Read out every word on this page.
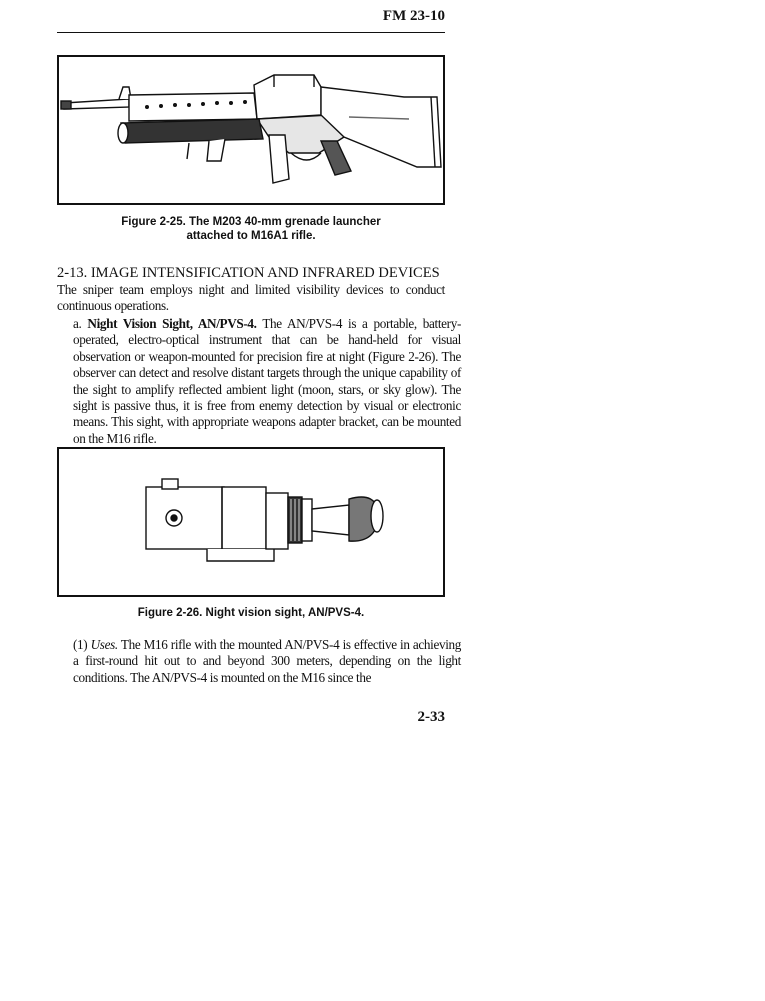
FM 23-10
Figure 2-25. The M203 40-mm grenade launcher
attached to M16A1 rifle.
2-13. IMAGE INTENSIFICATION AND INFRARED DEVICES
The sniper team employs night and limited visibility devices to conduct continuous operations.
a. Night Vision Sight, AN/PVS-4. The AN/PVS-4 is a portable, battery-operated, electro-optical instrument that can be hand-held for visual observation or weapon-mounted for precision fire at night (Figure 2-26). The observer can detect and resolve distant targets through the unique capability of the sight to amplify reflected ambient light (moon, stars, or sky glow). The sight is passive thus, it is free from enemy detection by visual or electronic means. This sight, with appropriate weapons adapter bracket, can be mounted on the M16 rifle.
Figure 2-26. Night vision sight, AN/PVS-4.
(1) Uses. The M16 rifle with the mounted AN/PVS-4 is effective in achieving a first-round hit out to and beyond 300 meters, depending on the light conditions. The AN/PVS-4 is mounted on the M16 since the
2-33
